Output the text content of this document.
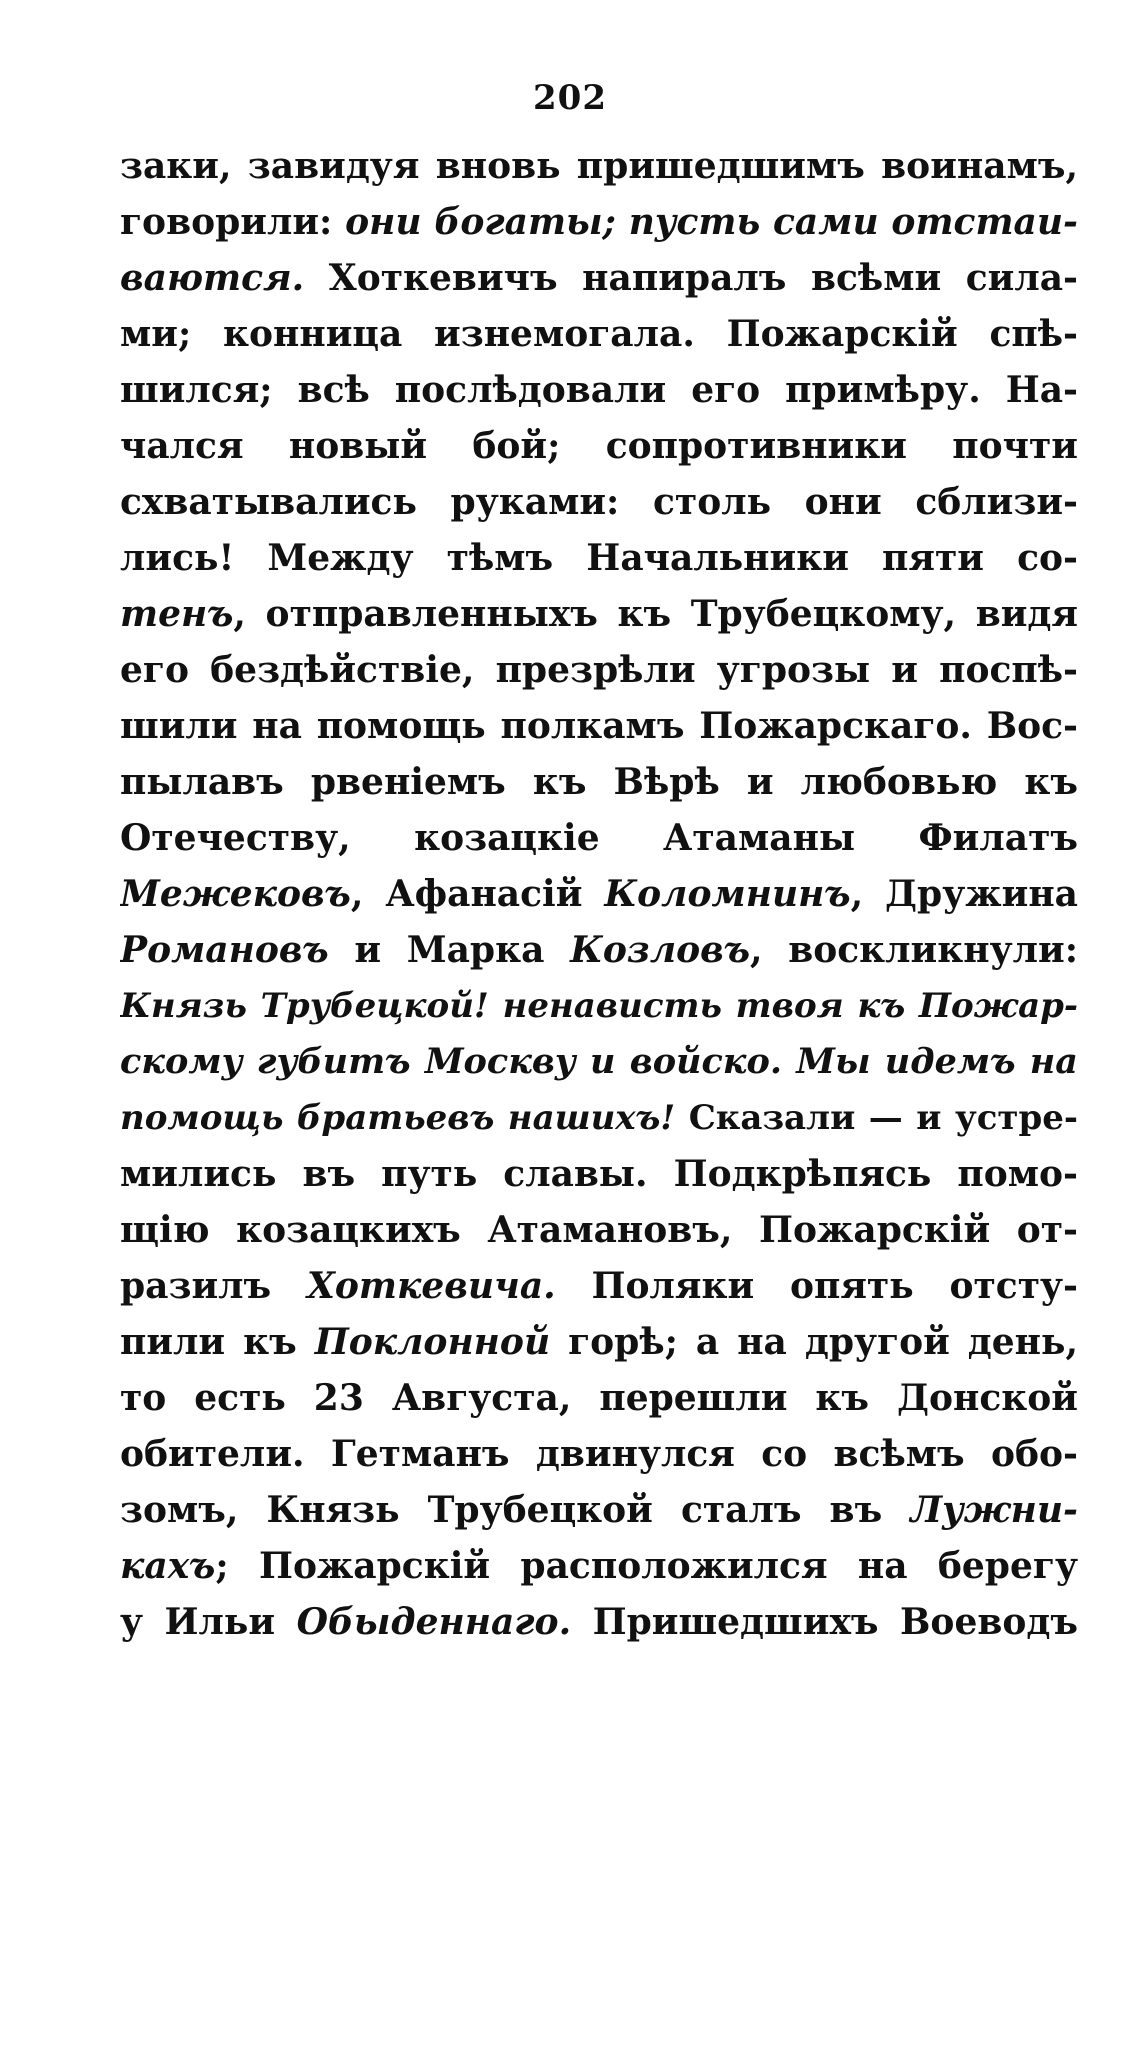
202
заки, завидуя вновь пришедшимъ воинамъ,
говорили: они богаты; пусть сами отстаи-
ваются. Хоткевичъ напиралъ всѣми сила-
ми; конница изнемогала. Пожарскій спѣ-
шился; всѣ послѣдовали его примѣру. На-
чался новый бой; сопротивники почти
схватывались руками: столь они сблизи-
лись! Между тѣмъ Начальники пяти со-
тенъ, отправленныхъ къ Трубецкому, видя
его бездѣйствіе, презрѣли угрозы и поспѣ-
шили на помощь полкамъ Пожарскаго. Вос-
пылавъ рвеніемъ къ Вѣрѣ и любовью къ
Отечеству, козацкіе Атаманы Филатъ
Межековъ, Афанасій Коломнинъ, Дружина
Романовъ и Марка Козловъ, воскликнули:
Князь Трубецкой! ненависть твоя къ Пожар-
скому губитъ Москву и войско. Мы идемъ на
помощь братьевъ нашихъ! Сказали — и устре-
мились въ путь славы. Подкрѣпясь помо-
щію козацкихъ Атамановъ, Пожарскій от-
разилъ Хоткевича. Поляки опять отсту-
пили къ Поклонной горѣ; а на другой день,
то есть 23 Августа, перешли къ Донской
обители. Гетманъ двинулся со всѣмъ обо-
зомъ, Князь Трубецкой сталъ въ Лужни-
кахъ; Пожарскій расположился на берегу
у Ильи Обыденнаго. Пришедшихъ Воеводъ
